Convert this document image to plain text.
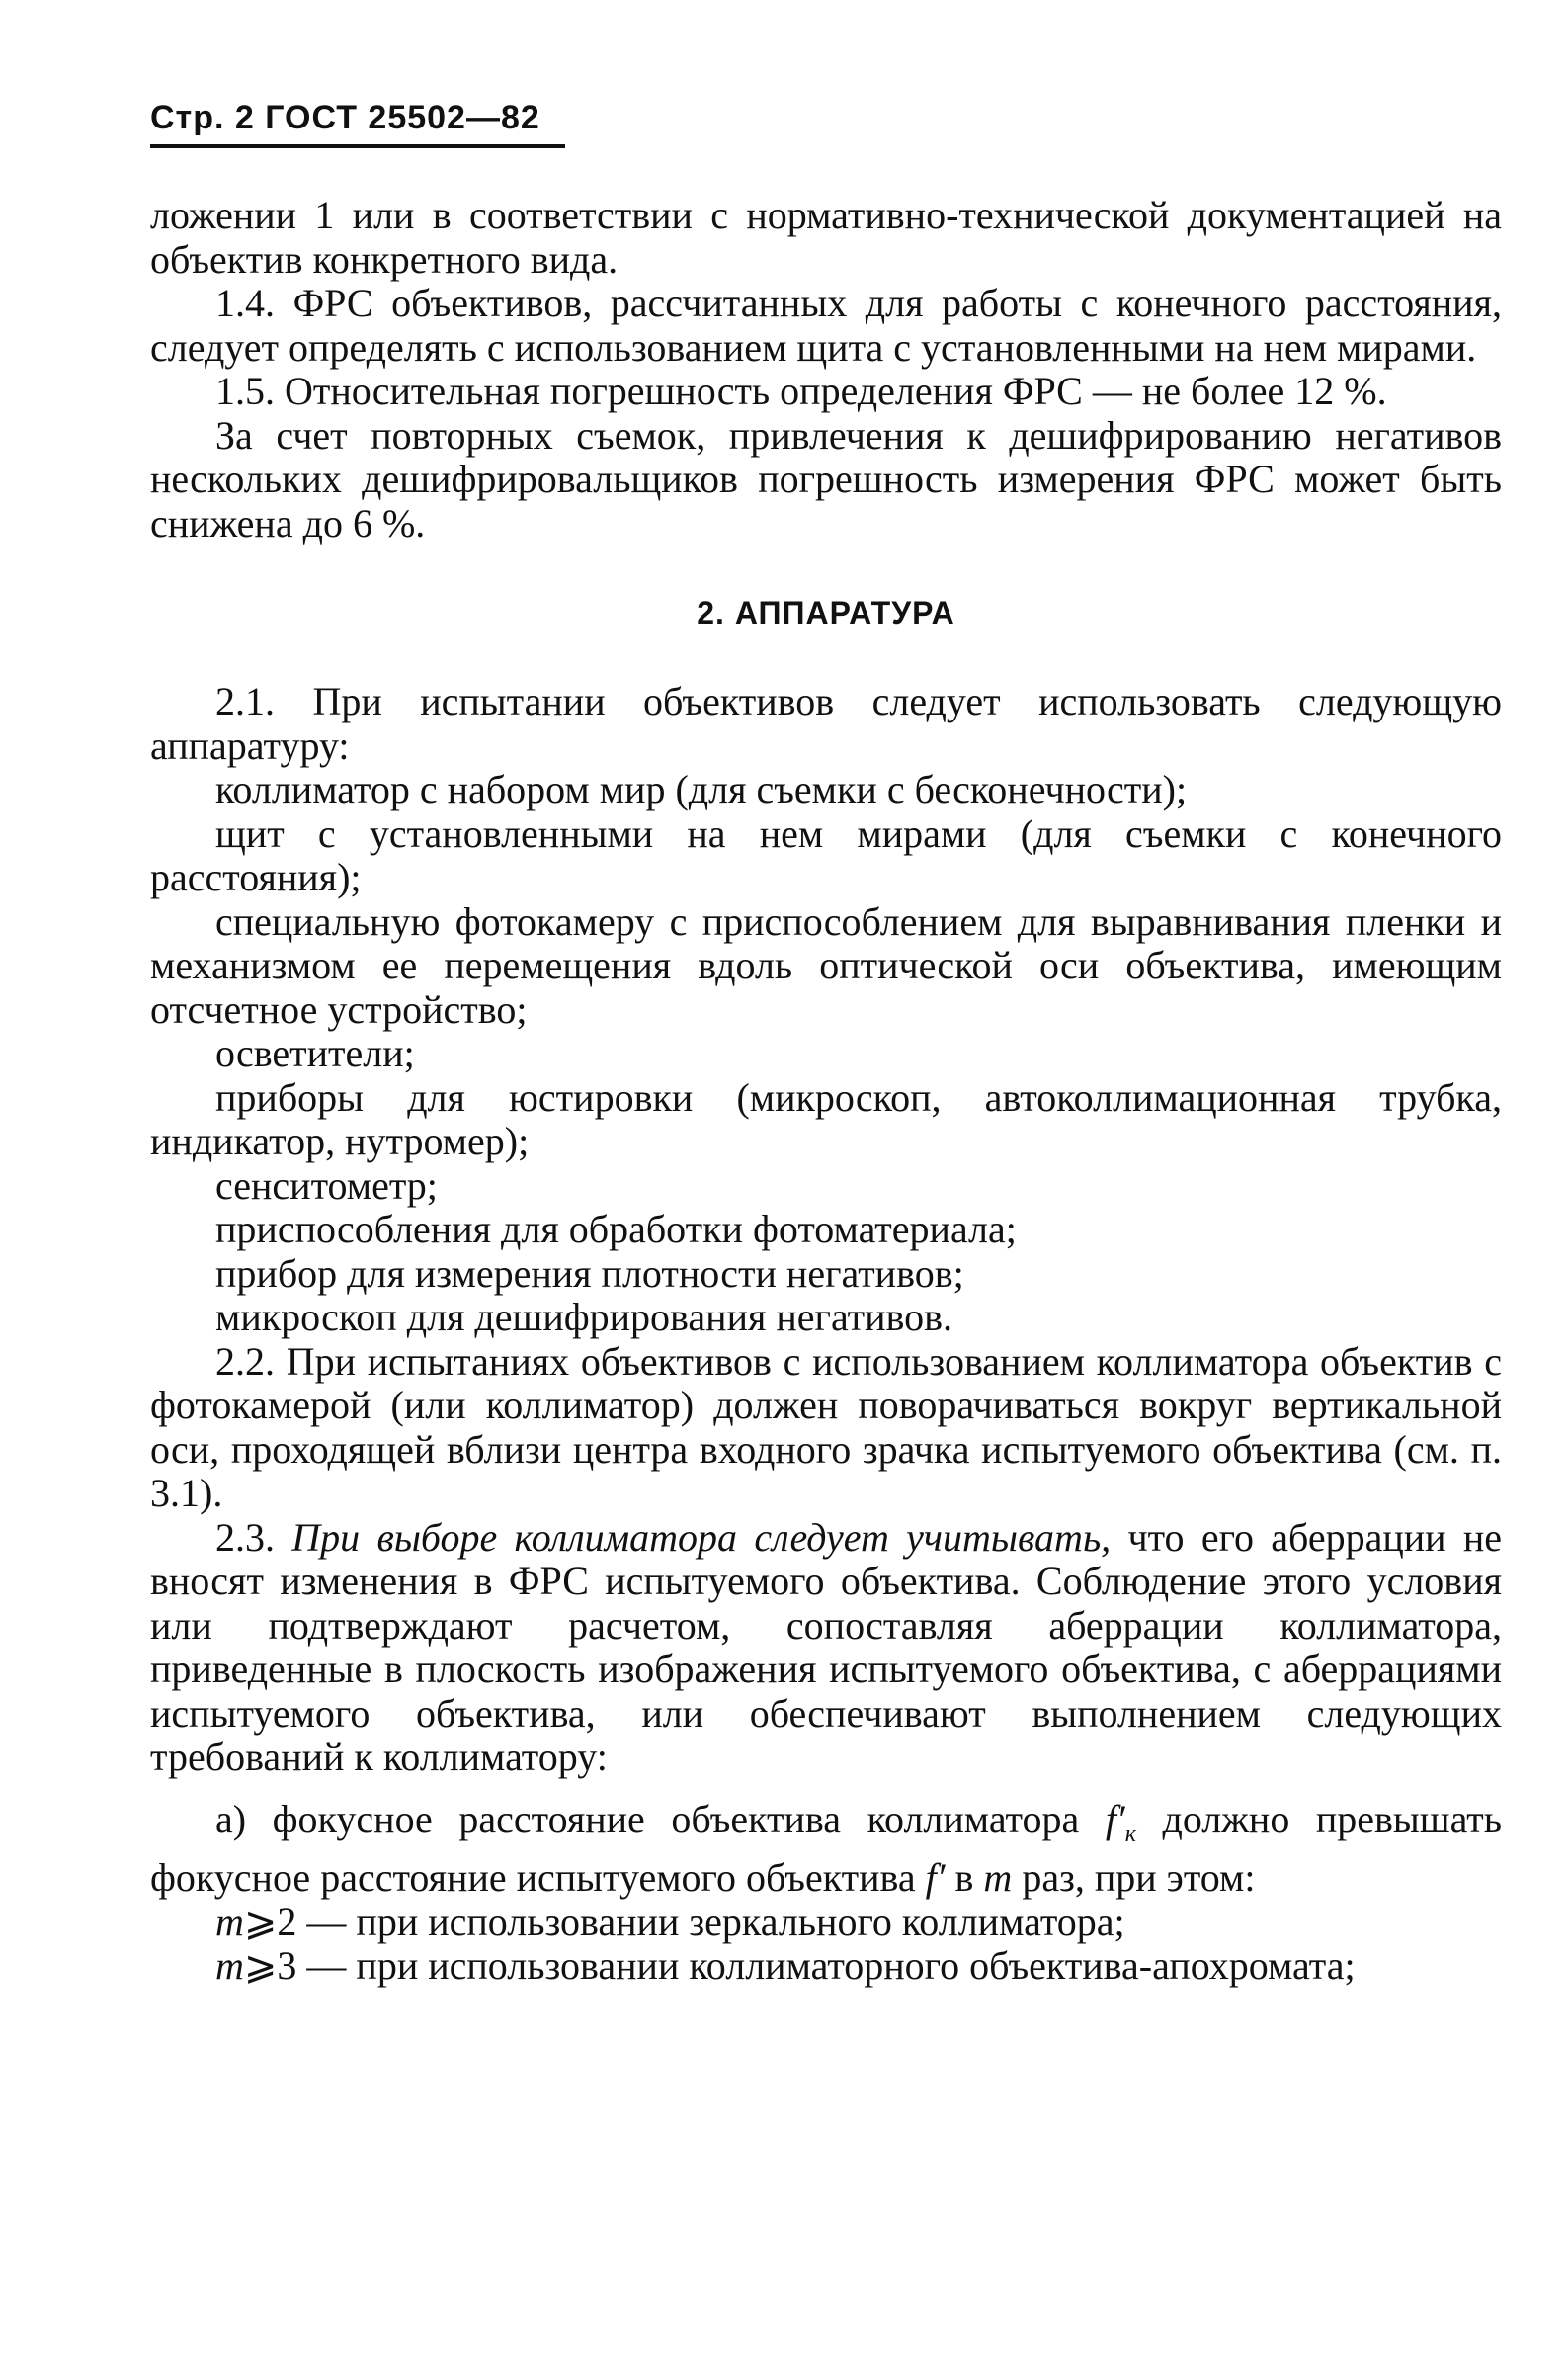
Стр. 2 ГОСТ 25502—82

ложении 1 или в соответствии с нормативно-технической документацией на объектив конкретного вида.

1.4. ФРС объективов, рассчитанных для работы с конечного расстояния, следует определять с использованием щита с установленными на нем мирами.

1.5. Относительная погрешность определения ФРС — не более 12 %.

За счет повторных съемок, привлечения к дешифрированию негативов нескольких дешифрировальщиков погрешность измерения ФРС может быть снижена до 6 %.

2. АППАРАТУРА

2.1. При испытании объективов следует использовать следующую аппаратуру:

коллиматор с набором мир (для съемки с бесконечности);

щит с установленными на нем мирами (для съемки с конечного расстояния);

специальную фотокамеру с приспособлением для выравнивания пленки и механизмом ее перемещения вдоль оптической оси объектива, имеющим отсчетное устройство;

осветители;

приборы для юстировки (микроскоп, автоколлимационная трубка, индикатор, нутромер);

сенситометр;

приспособления для обработки фотоматериала;

прибор для измерения плотности негативов;

микроскоп для дешифрирования негативов.

2.2. При испытаниях объективов с использованием коллиматора объектив с фотокамерой (или коллиматор) должен поворачиваться вокруг вертикальной оси, проходящей вблизи центра входного зрачка испытуемого объектива (см. п. 3.1).

2.3. При выборе коллиматора следует учитывать, что его аберрации не вносят изменения в ФРС испытуемого объектива. Соблюдение этого условия или подтверждают расчетом, сопоставляя аберрации коллиматора, приведенные в плоскость изображения испытуемого объектива, с аберрациями испытуемого объектива, или обеспечивают выполнением следующих требований к коллиматору:

а) фокусное расстояние объектива коллиматора $f'_к$ должно превышать фокусное расстояние испытуемого объектива f′ в m раз, при этом:

m⩾2 — при использовании зеркального коллиматора;

m⩾3 — при использовании коллиматорного объектива-апохромата;
